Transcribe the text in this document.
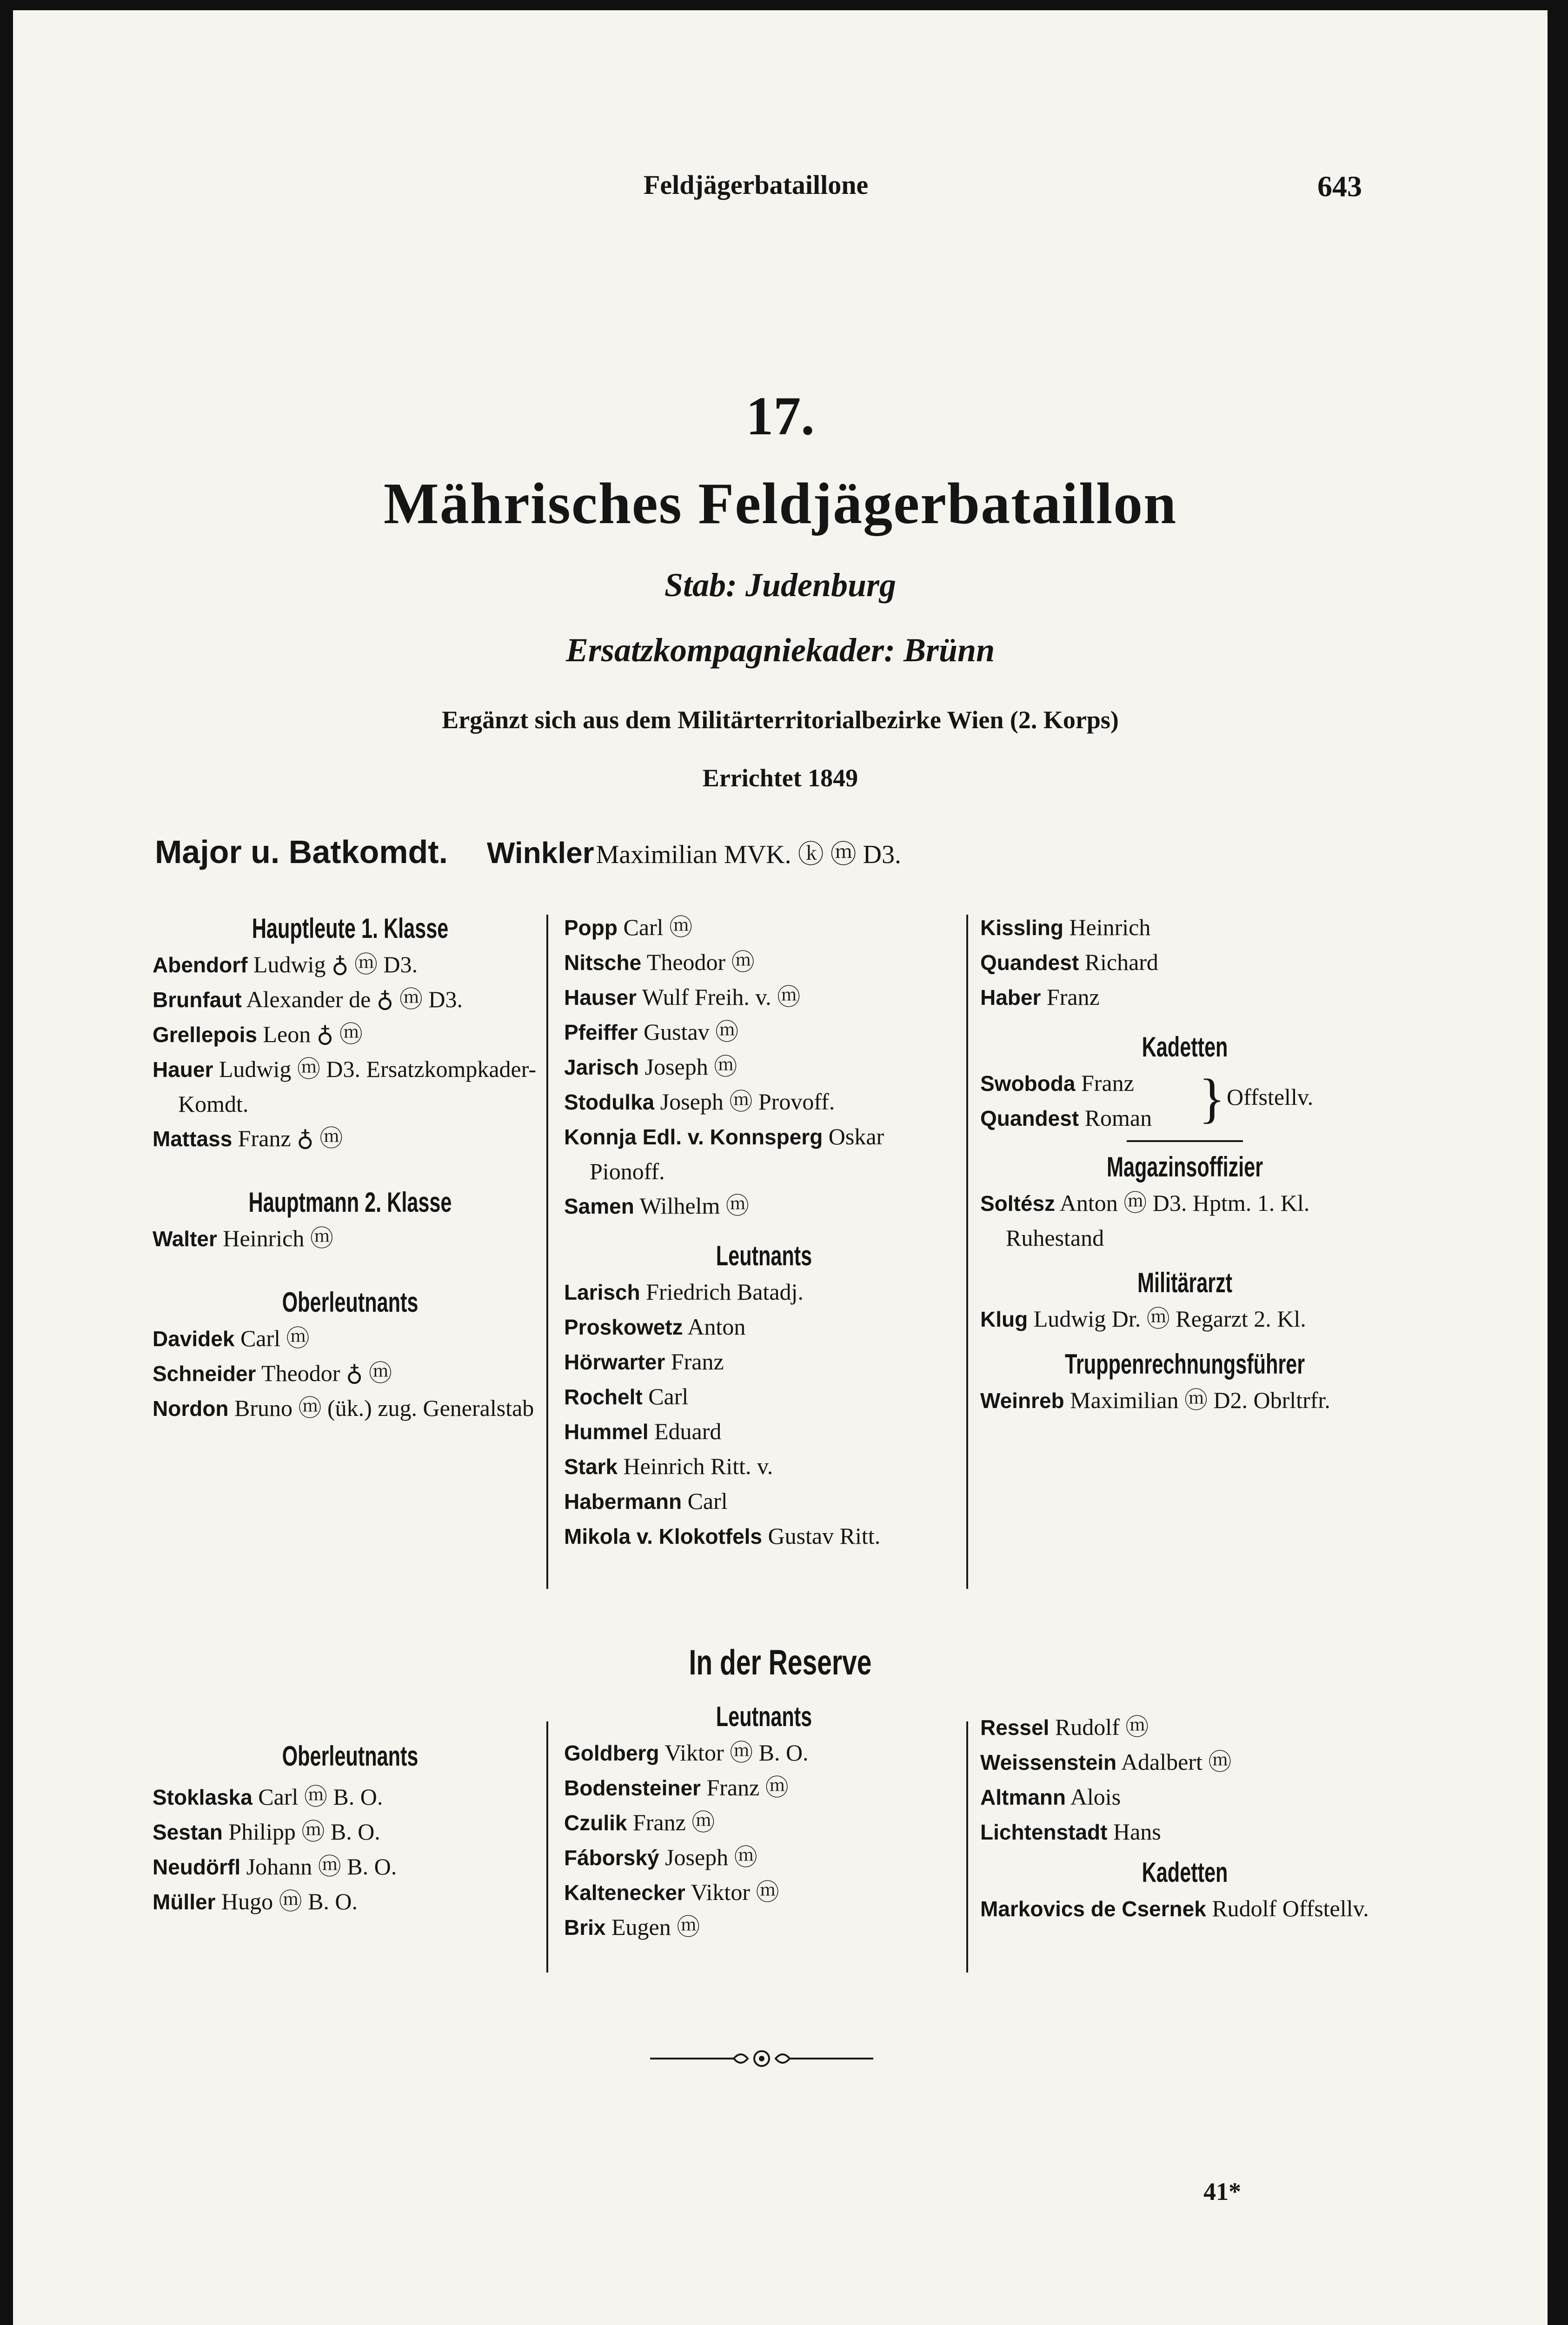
Feldjägerbataillone	643
17.
Mährisches Feldjägerbataillon
Stab: Judenburg
Ersatzkompagniekader: Brünn
Ergänzt sich aus dem Militärterritorialbezirke Wien (2. Korps)
Errichtet 1849
Major u. Batkomdt. Winkler Maximilian MVK. ⓚ ⓜ D3.
Hauptleute 1. Klasse
Abendorf Ludwig ♁ ⓜ D3.
Brunfaut Alexander de ♁ ⓜ D3.
Grellepois Leon ♁ ⓜ
Hauer Ludwig ⓜ D3. Ersatzkompkader-Komdt.
Mattass Franz ♁ ⓜ
Hauptmann 2. Klasse
Walter Heinrich ⓜ
Oberleutnants
Davidek Carl ⓜ
Schneider Theodor ♁ ⓜ
Nordon Bruno ⓜ (ük.) zug. Generalstab
Popp Carl ⓜ
Nitsche Theodor ⓜ
Hauser Wulf Freih. v. ⓜ
Pfeiffer Gustav ⓜ
Jarisch Joseph ⓜ
Stodulka Joseph ⓜ Provoff.
Konnja Edl. v. Konnsperg Oskar Pionoff.
Samen Wilhelm ⓜ
Leutnants
Larisch Friedrich Batadj.
Proskowetz Anton
Hörwarter Franz
Rochelt Carl
Hummel Eduard
Stark Heinrich Ritt. v.
Habermann Carl
Mikola v. Klokotfels Gustav Ritt.
Kissling Heinrich
Quandest Richard
Haber Franz
Kadetten
Swoboda Franz
Quandest Roman } Offstellv.
Magazinsoffizier
Soltész Anton ⓜ D3. Hptm. 1. Kl. Ruhestand
Militärarzt
Klug Ludwig Dr. ⓜ Regarzt 2. Kl.
Truppenrechnungsführer
Weinreb Maximilian ⓜ D2. Obrltrfr.
In der Reserve
Oberleutnants
Stoklaska Carl ⓜ B. O.
Sestan Philipp ⓜ B. O.
Neudörfl Johann ⓜ B. O.
Müller Hugo ⓜ B. O.
Leutnants
Goldberg Viktor ⓜ B. O.
Bodensteiner Franz ⓜ
Czulik Franz ⓜ
Fáborský Joseph ⓜ
Kaltenecker Viktor ⓜ
Brix Eugen ⓜ
Ressel Rudolf ⓜ
Weissenstein Adalbert ⓜ
Altmann Alois
Lichtenstadt Hans
Kadetten
Markovics de Csernek Rudolf Offstellv.
41*
